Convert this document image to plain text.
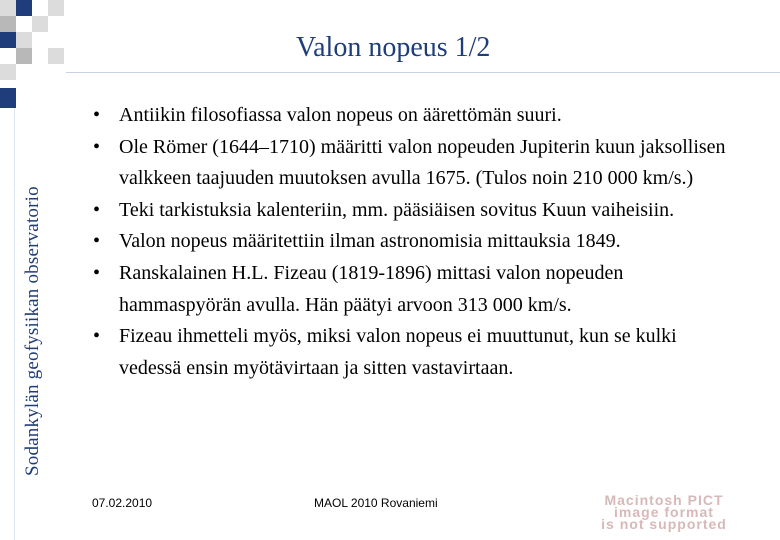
Sodankylän geofysiikan observatorio
Valon nopeus 1/2
• Antiikin filosofiassa valon nopeus on äärettömän suuri.
• Ole Römer (1644–1710) määritti valon nopeuden Jupiterin kuun jaksollisen valkkeen taajuuden muutoksen avulla 1675. (Tulos noin 210 000 km/s.)
• Teki tarkistuksia kalenteriin, mm. pääsiäisen sovitus Kuun vaiheisiin.
• Valon nopeus määritettiin ilman astronomisia mittauksia 1849.
• Ranskalainen H.L. Fizeau (1819-1896) mittasi valon nopeuden hammaspyörän avulla. Hän päätyi arvoon 313 000 km/s.
• Fizeau ihmetteli myös, miksi valon nopeus ei muuttunut, kun se kulki vedessä ensin myötävirtaan ja sitten vastavirtaan.
07.02.2010	MAOL 2010 Rovaniemi	Macintosh PICT
image format
is not supported
